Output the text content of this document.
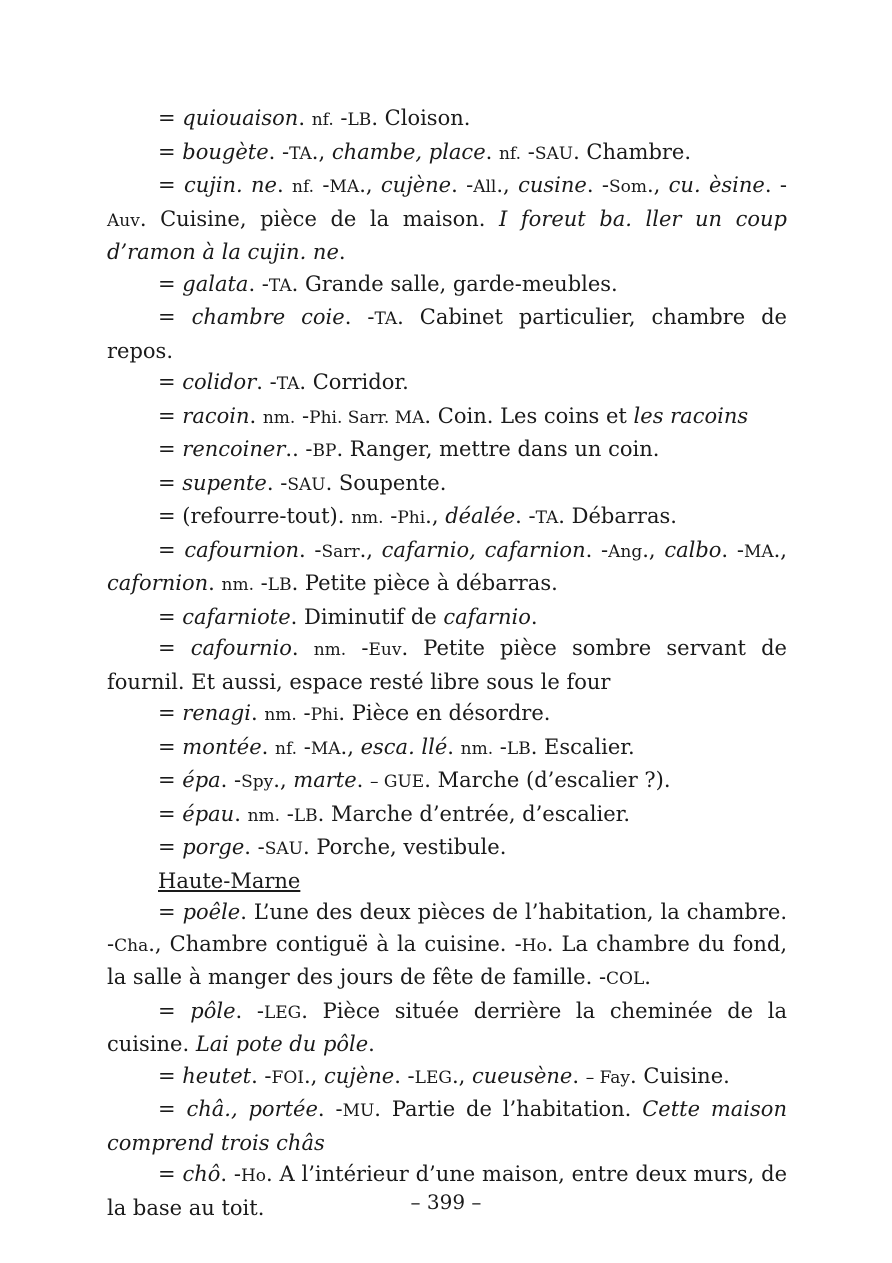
= quiouaison. nf. -LB. Cloison.

= bougète. -TA., chambe, place. nf. -SAU. Chambre.

= cujin. ne. nf. -MA., cujène. -All., cusine. -Som., cu. èsine. -Auv. Cuisine, pièce de la maison. I foreut ba. ller un coup d’ramon à la cujin. ne.

= galata. -TA. Grande salle, garde-meubles.

= chambre coie. -TA. Cabinet particulier, chambre de repos.

= colidor. -TA. Corridor.

= racoin. nm. -Phi. Sarr. MA. Coin. Les coins et les racoins

= rencoiner.. -BP. Ranger, mettre dans un coin.

= supente. -SAU. Soupente.

= (refourre-tout). nm. -Phi., déalée. -TA. Débarras.

= cafournion. -Sarr., cafarnio, cafarnion. -Ang., calbo. -MA., cafornion. nm. -LB. Petite pièce à débarras.

= cafarniote. Diminutif de cafarnio.

= cafournio. nm. -Euv. Petite pièce sombre servant de fournil. Et aussi, espace resté libre sous le four

= renagi. nm. -Phi. Pièce en désordre.

= montée. nf. -MA., esca. llé. nm. -LB. Escalier.

= épa. -Spy., marte. – GUE. Marche (d’escalier ?).

= épau. nm. -LB. Marche d’entrée, d’escalier.

= porge. -SAU. Porche, vestibule.

Haute-Marne

= poêle. L’une des deux pièces de l’habitation, la chambre. -Cha., Chambre contiguë à la cuisine. -Ho. La chambre du fond, la salle à manger des jours de fête de famille. -COL.

= pôle. -LEG. Pièce située derrière la cheminée de la cuisine. Lai pote du pôle.

= heutet. -FOI., cujène. -LEG., cueusène. – Fay. Cuisine.

= châ., portée. -MU. Partie de l’habitation. Cette maison comprend trois châs

= chô. -Ho. A l’intérieur d’une maison, entre deux murs, de la base au toit.	– 399 –
